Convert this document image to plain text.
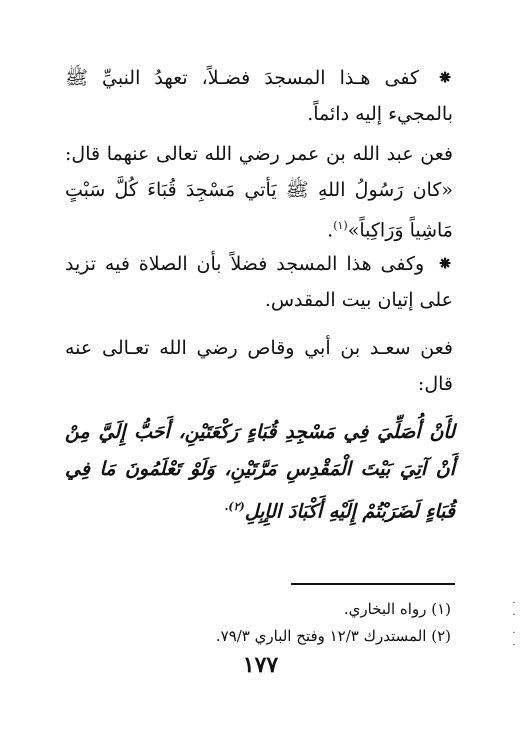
⁕ كفى هـذا المسجدَ فضـلاً، تعهدُ النبيِّ ﷺ بالمجيء إليه دائماً.
فعن عبد الله بن عمر رضي الله تعالى عنهما قال: «كان رَسُولُ اللهِ ﷺ يَأتي مَسْجِدَ قُبَاءَ كُلَّ سَبْتٍ مَاشِياً وَرَاكِباً»$^{(١)}$.
⁕ وكفى هذا المسجد فضلاً بأن الصلاة فيه تزيد على إتيان بيت المقدس.
فعن سعـد بن أبي وقاص رضي الله تعـالى عنه قال:
لأَنْ أُصَلِّيَ فِي مَسْجِدِ قُبَاءٍ رَكْعَتَيْنِ، أَحَبُّ إِلَيَّ مِنْ أَنْ آتِيَ بَيْتَ الْمَقْدِسِ مَرَّتَيْنِ، وَلَوْ تَعْلَمُونَ مَا فِي قُبَاءٍ لَضَرَبْتُمْ إِلَيْهِ أَكْبَادَ الإِبِلِ$^{(٢).}$
(١) رواه البخاري.
(٢) المستدرك ١٢/٣ وفتح الباري ٧٩/٣.
١٧٧
·
·
·
·
